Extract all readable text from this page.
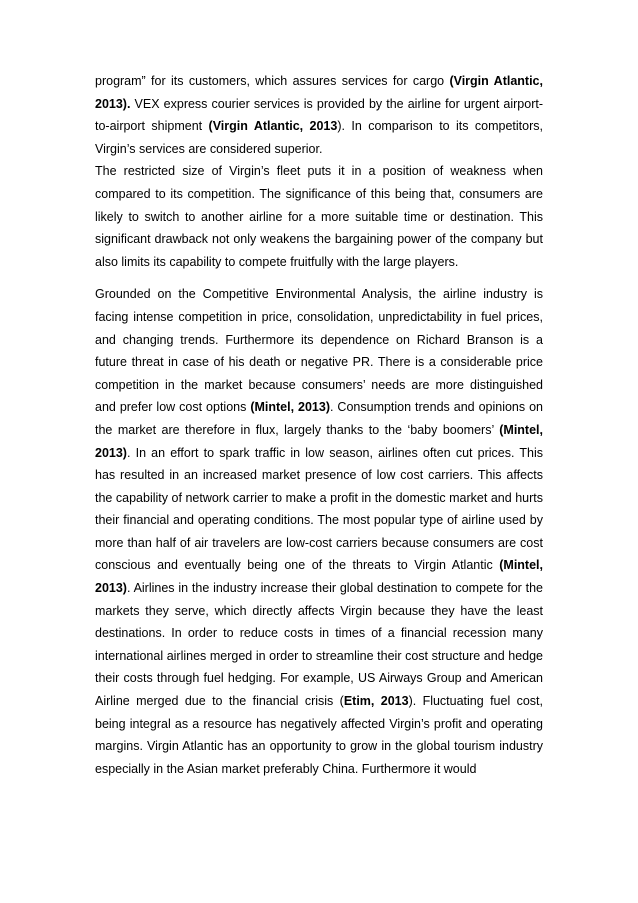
program” for its customers, which assures services for cargo (Virgin Atlantic, 2013). VEX express courier services is provided by the airline for urgent airport-to-airport shipment (Virgin Atlantic, 2013). In comparison to its competitors, Virgin’s services are considered superior.

The restricted size of Virgin’s fleet puts it in a position of weakness when compared to its competition. The significance of this being that, consumers are likely to switch to another airline for a more suitable time or destination. This significant drawback not only weakens the bargaining power of the company but also limits its capability to compete fruitfully with the large players.

Grounded on the Competitive Environmental Analysis, the airline industry is facing intense competition in price, consolidation, unpredictability in fuel prices, and changing trends. Furthermore its dependence on Richard Branson is a future threat in case of his death or negative PR. There is a considerable price competition in the market because consumers’ needs are more distinguished and prefer low cost options (Mintel, 2013). Consumption trends and opinions on the market are therefore in flux, largely thanks to the ‘baby boomers’ (Mintel, 2013). In an effort to spark traffic in low season, airlines often cut prices. This has resulted in an increased market presence of low cost carriers. This affects the capability of network carrier to make a profit in the domestic market and hurts their financial and operating conditions. The most popular type of airline used by more than half of air travelers are low-cost carriers because consumers are cost conscious and eventually being one of the threats to Virgin Atlantic (Mintel, 2013). Airlines in the industry increase their global destination to compete for the markets they serve, which directly affects Virgin because they have the least destinations. In order to reduce costs in times of a financial recession many international airlines merged in order to streamline their cost structure and hedge their costs through fuel hedging. For example, US Airways Group and American Airline merged due to the financial crisis (Etim, 2013). Fluctuating fuel cost, being integral as a resource has negatively affected Virgin’s profit and operating margins. Virgin Atlantic has an opportunity to grow in the global tourism industry especially in the Asian market preferably China. Furthermore it would
